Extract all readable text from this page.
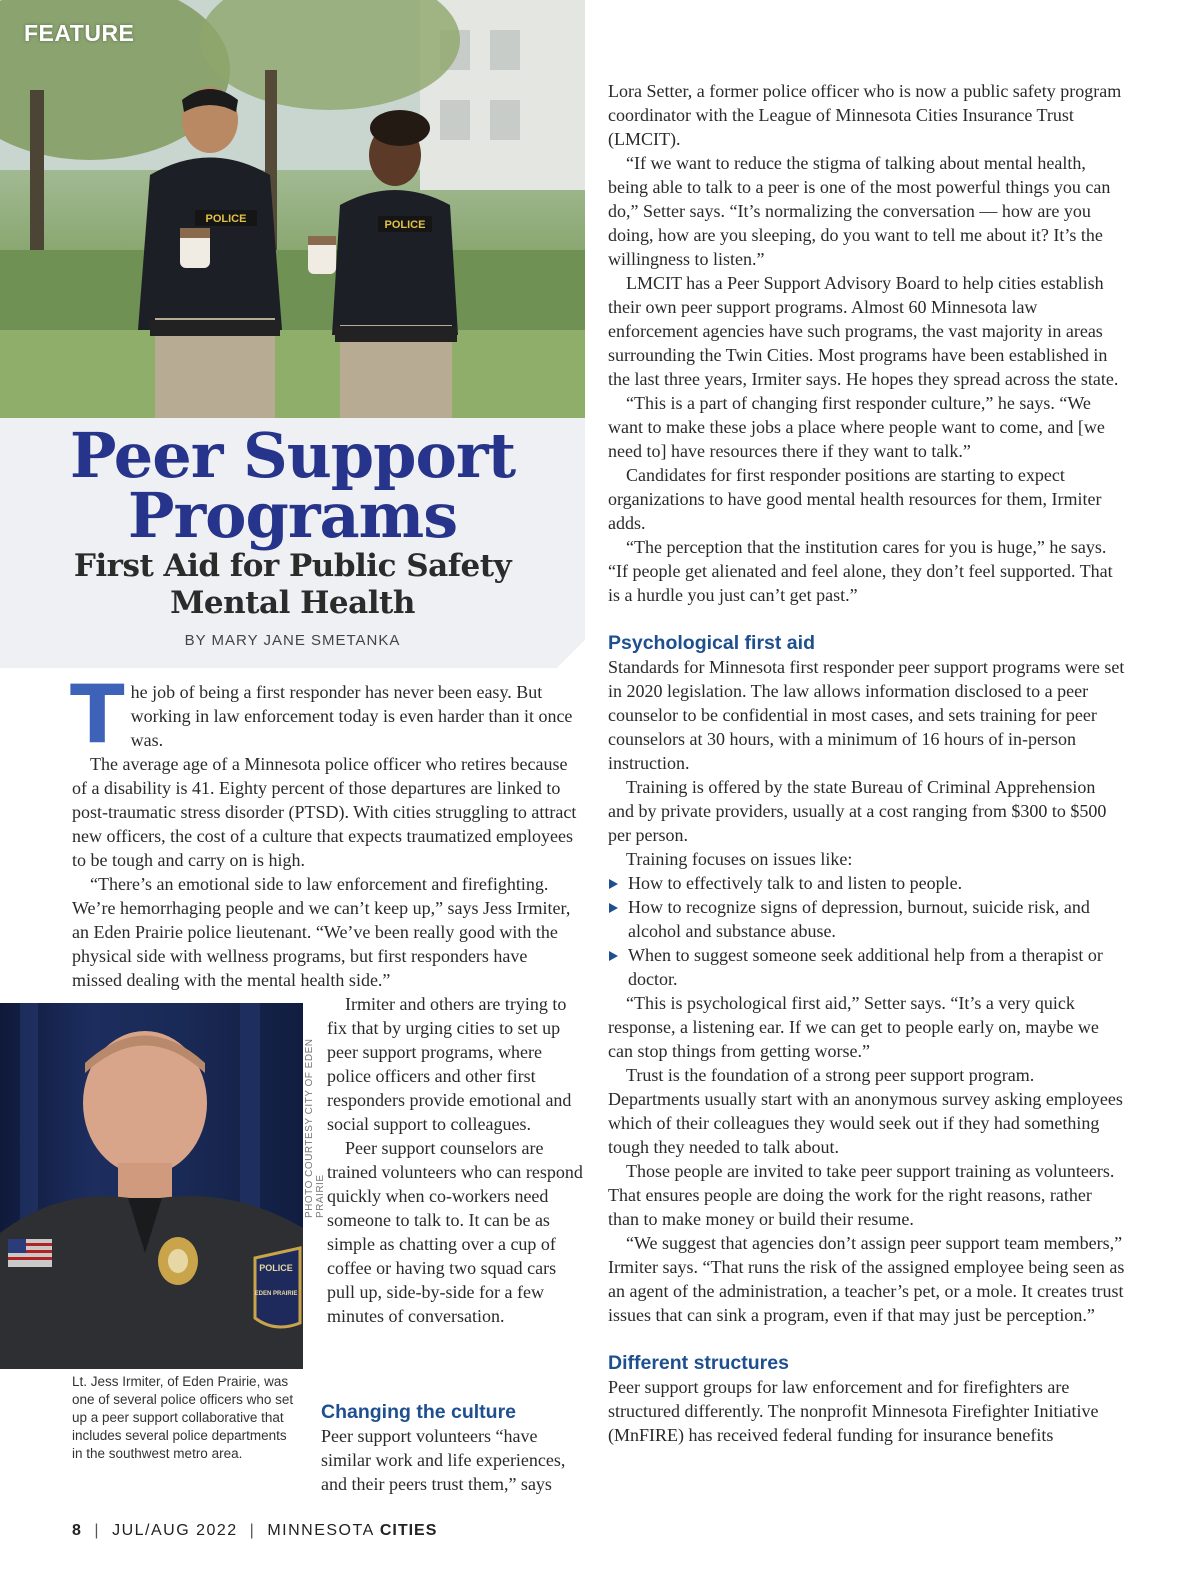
POLICE	POLICE
FEATURE
Peer Support
Programs
First Aid for Public Safety
Mental Health
BY MARY JANE SMETANKA

The job of being a first responder has never been easy. But working in law enforcement today is even harder than it once was.

The average age of a Minnesota police officer who retires because of a disability is 41. Eighty percent of those departures are linked to post-traumatic stress disorder (PTSD). With cities struggling to attract new officers, the cost of a culture that expects traumatized employees to be tough and carry on is high.

“There’s an emotional side to law enforcement and firefighting. We’re hemorrhaging people and we can’t keep up,” says Jess Irmiter, an Eden Prairie police lieutenant. “We’ve been really good with the physical side with wellness programs, but first responders have missed dealing with the mental health side.”

POLICE
EDEN PRAIRIE
PHOTO COURTESY CITY OF EDEN PRAIRIE
Lt. Jess Irmiter, of Eden Prairie, was one of several police officers who set up a peer support collaborative that includes several police departments in the southwest metro area.

Irmiter and others are trying to fix that by urging cities to set up peer support programs, where police officers and other first responders provide emotional and social support to colleagues.

Peer support counselors are trained volunteers who can respond quickly when co-workers need someone to talk to. It can be as simple as chatting over a cup of coffee or having two squad cars pull up, side-by-side for a few minutes of conversation.

Changing the culture

Peer support volunteers “have similar work and life experiences, and their peers trust them,” says

Lora Setter, a former police officer who is now a public safety program coordinator with the League of Minnesota Cities Insurance Trust (LMCIT).

“If we want to reduce the stigma of talking about mental health, being able to talk to a peer is one of the most powerful things you can do,” Setter says. “It’s normalizing the conversation — how are you doing, how are you sleeping, do you want to tell me about it? It’s the willingness to listen.”

LMCIT has a Peer Support Advisory Board to help cities establish their own peer support programs. Almost 60 Minnesota law enforcement agencies have such programs, the vast majority in areas surrounding the Twin Cities. Most programs have been established in the last three years, Irmiter says. He hopes they spread across the state.

“This is a part of changing first responder culture,” he says. “We want to make these jobs a place where people want to come, and [we need to] have resources there if they want to talk.”

Candidates for first responder positions are starting to expect organizations to have good mental health resources for them, Irmiter adds.

“The perception that the institution cares for you is huge,” he says. “If people get alienated and feel alone, they don’t feel supported. That is a hurdle you just can’t get past.”

Psychological first aid

Standards for Minnesota first responder peer support programs were set in 2020 legislation. The law allows information disclosed to a peer counselor to be confidential in most cases, and sets training for peer counselors at 30 hours, with a minimum of 16 hours of in-person instruction.

Training is offered by the state Bureau of Criminal Apprehension and by private providers, usually at a cost ranging from $300 to $500 per person.

Training focuses on issues like:

How to effectively talk to and listen to people.
How to recognize signs of depression, burnout, suicide risk, and alcohol and substance abuse.
When to suggest someone seek additional help from a therapist or doctor.

“This is psychological first aid,” Setter says. “It’s a very quick response, a listening ear. If we can get to people early on, maybe we can stop things from getting worse.”

Trust is the foundation of a strong peer support program. Departments usually start with an anonymous survey asking employees which of their colleagues they would seek out if they had something tough they needed to talk about.

Those people are invited to take peer support training as volunteers. That ensures people are doing the work for the right reasons, rather than to make money or build their resume.

“We suggest that agencies don’t assign peer support team members,” Irmiter says. “That runs the risk of the assigned employee being seen as an agent of the administration, a teacher’s pet, or a mole. It creates trust issues that can sink a program, even if that may just be perception.”

Different structures

Peer support groups for law enforcement and for firefighters are structured differently. The nonprofit Minnesota Firefighter Initiative (MnFIRE) has received federal funding for insurance benefits

8 | JUL/AUG 2022 | MINNESOTA CITIES
